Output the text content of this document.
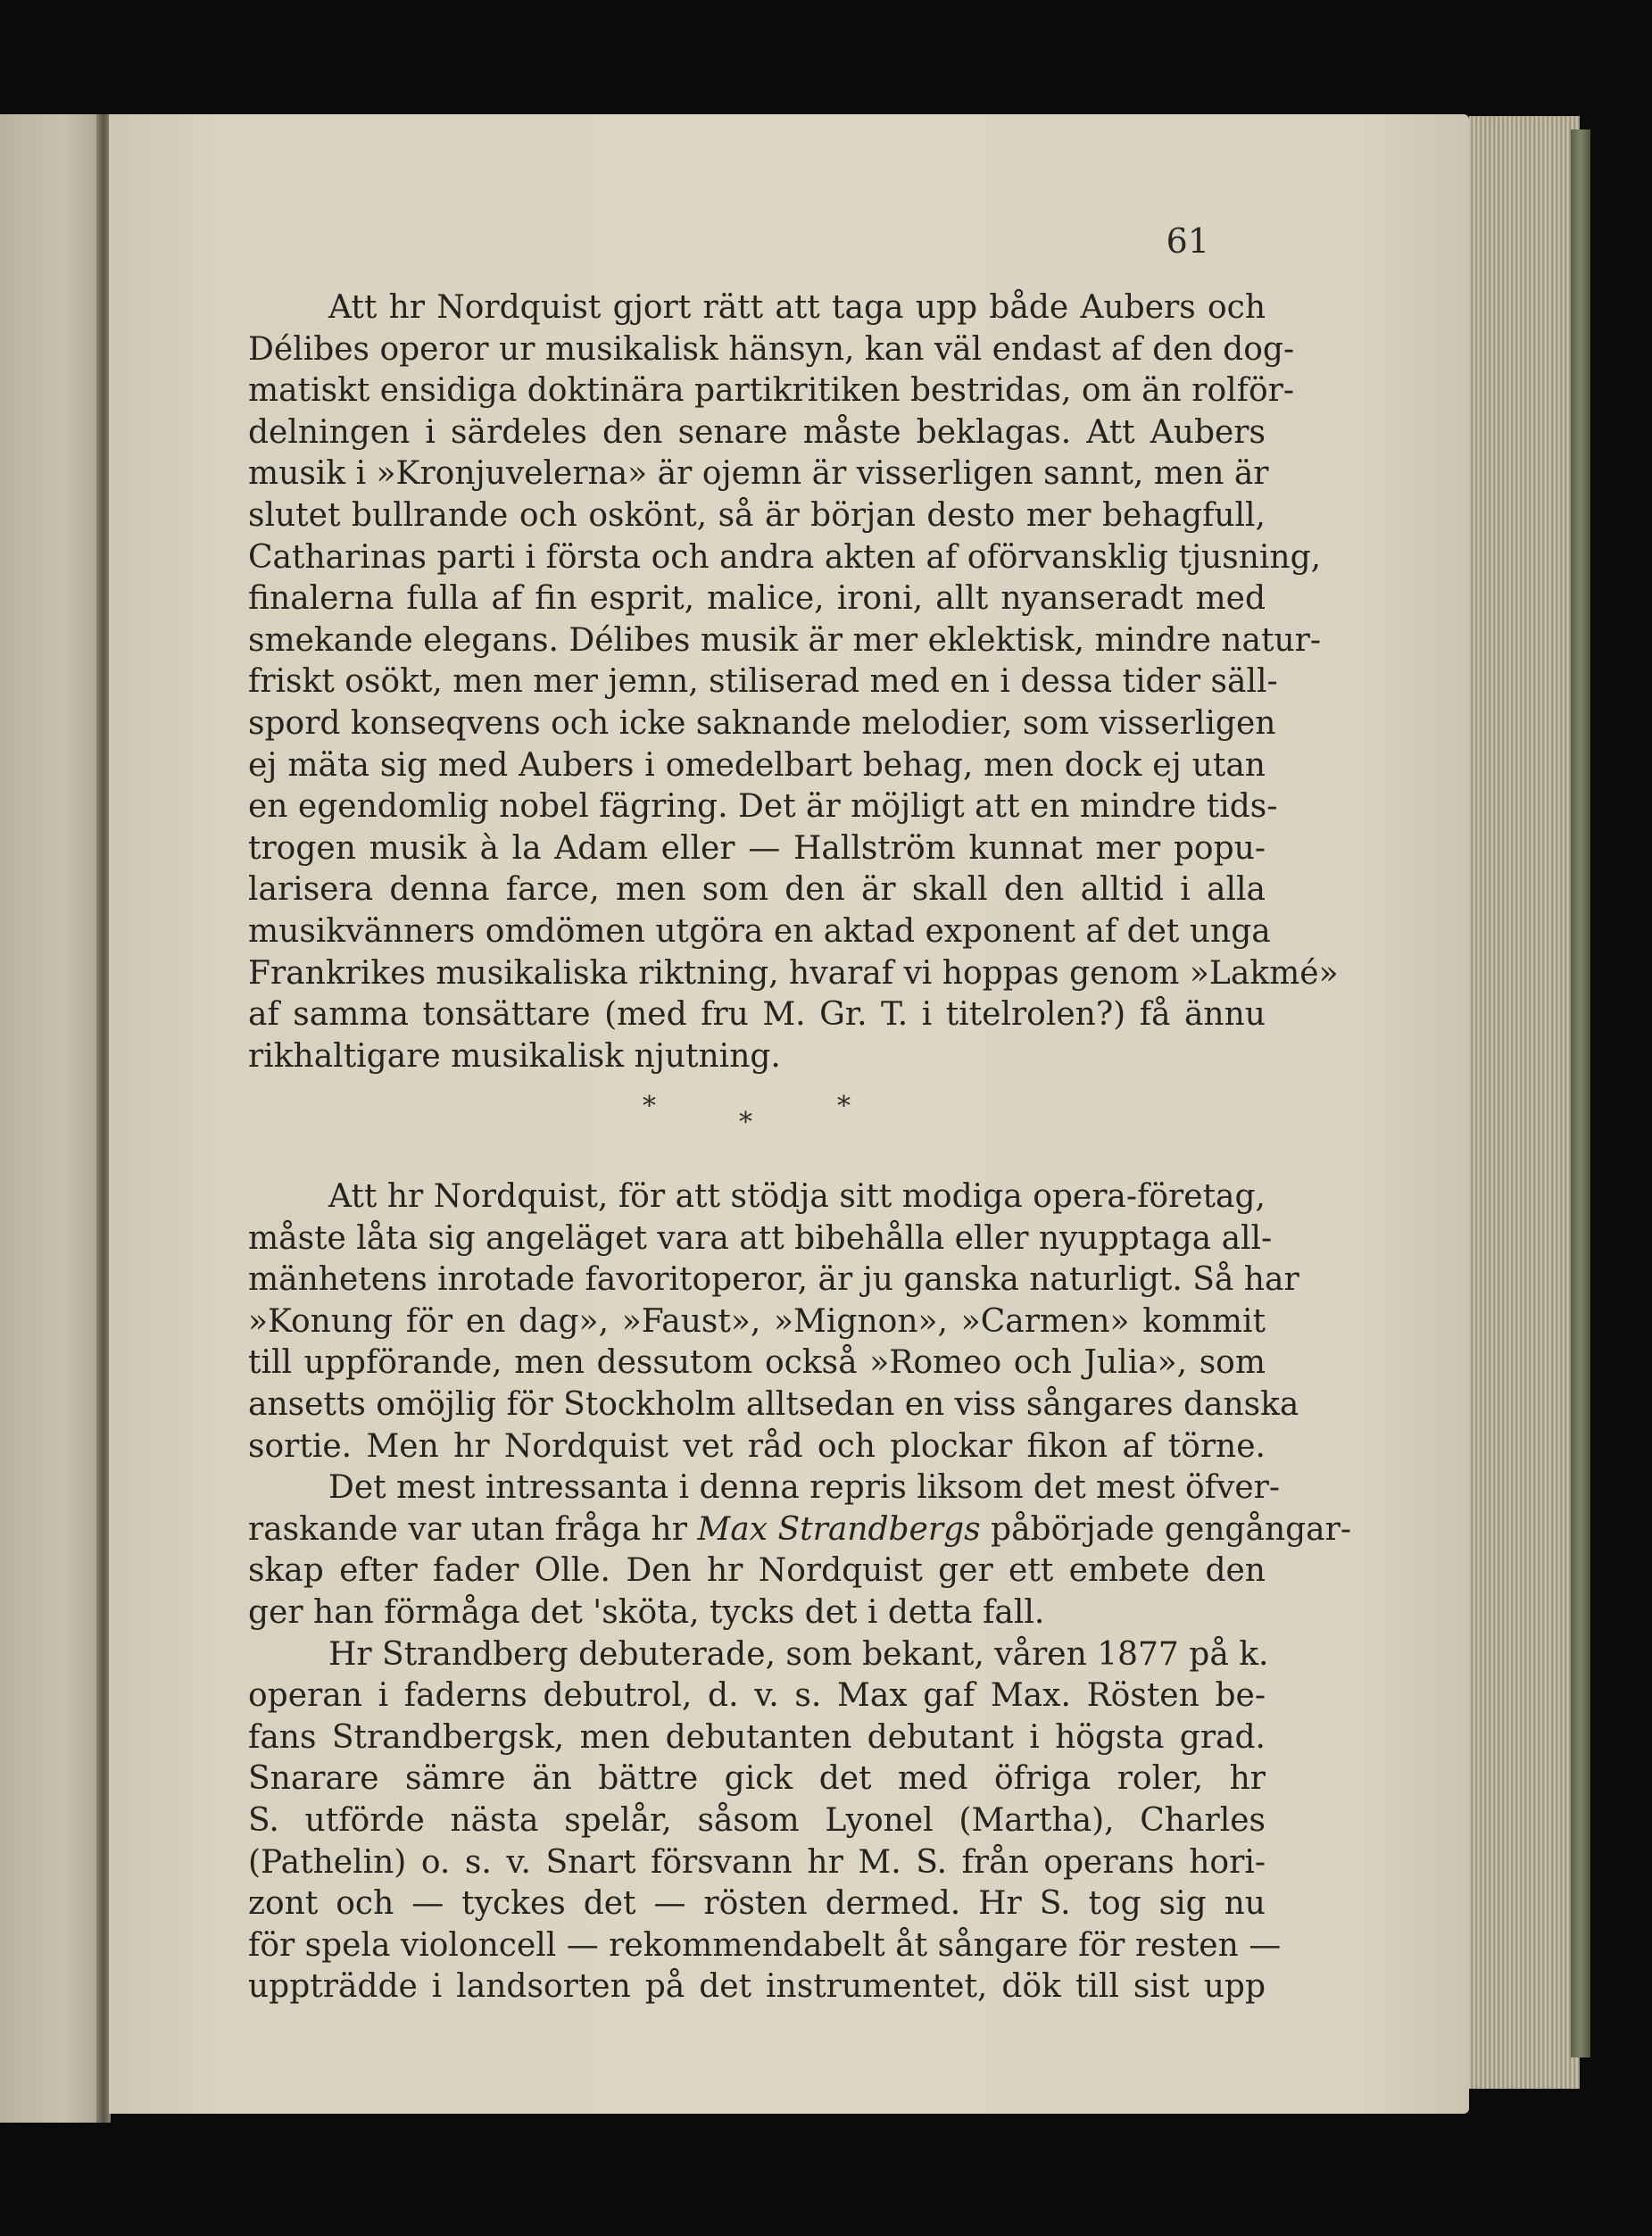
61
Att hr Nordquist gjort rätt att taga upp både Aubers och
Délibes operor ur musikalisk hänsyn, kan väl endast af den dog-
matiskt ensidiga doktinära partikritiken bestridas, om än rolför-
delningen i särdeles den senare måste beklagas. Att Aubers
musik i »Kronjuvelerna» är ojemn är visserligen sannt, men är
slutet bullrande och oskönt, så är början desto mer behagfull,
Catharinas parti i första och andra akten af oförvansklig tjusning,
finalerna fulla af fin esprit, malice, ironi, allt nyanseradt med
smekande elegans. Délibes musik är mer eklektisk, mindre natur-
friskt osökt, men mer jemn, stiliserad med en i dessa tider säll-
spord konseqvens och icke saknande melodier, som visserligen
ej mäta sig med Aubers i omedelbart behag, men dock ej utan
en egendomlig nobel fägring. Det är möjligt att en mindre tids-
trogen musik à la Adam eller — Hallström kunnat mer popu-
larisera denna farce, men som den är skall den alltid i alla
musikvänners omdömen utgöra en aktad exponent af det unga
Frankrikes musikaliska riktning, hvaraf vi hoppas genom »Lakmé»
af samma tonsättare (med fru M. Gr. T. i titelrolen?) få ännu
rikhaltigare musikalisk njutning.
*
*
*
Att hr Nordquist, för att stödja sitt modiga opera-företag,
måste låta sig angeläget vara att bibehålla eller nyupptaga all-
mänhetens inrotade favoritoperor, är ju ganska naturligt. Så har
»Konung för en dag», »Faust», »Mignon», »Carmen» kommit
till uppförande, men dessutom också »Romeo och Julia», som
ansetts omöjlig för Stockholm alltsedan en viss sångares danska
sortie. Men hr Nordquist vet råd och plockar fikon af törne.
Det mest intressanta i denna repris liksom det mest öfver-
raskande var utan fråga hr Max Strandbergs påbörjade gengångar-
skap efter fader Olle. Den hr Nordquist ger ett embete den
ger han förmåga det 'sköta, tycks det i detta fall.
Hr Strandberg debuterade, som bekant, våren 1877 på k.
operan i faderns debutrol, d. v. s. Max gaf Max. Rösten be-
fans Strandbergsk, men debutanten debutant i högsta grad.
Snarare sämre än bättre gick det med öfriga roler, hr
S. utförde nästa spelår, såsom Lyonel (Martha), Charles
(Pathelin) o. s. v. Snart försvann hr M. S. från operans hori-
zont och — tyckes det — rösten dermed. Hr S. tog sig nu
för spela violoncell — rekommendabelt åt sångare för resten —
uppträdde i landsorten på det instrumentet, dök till sist upp
